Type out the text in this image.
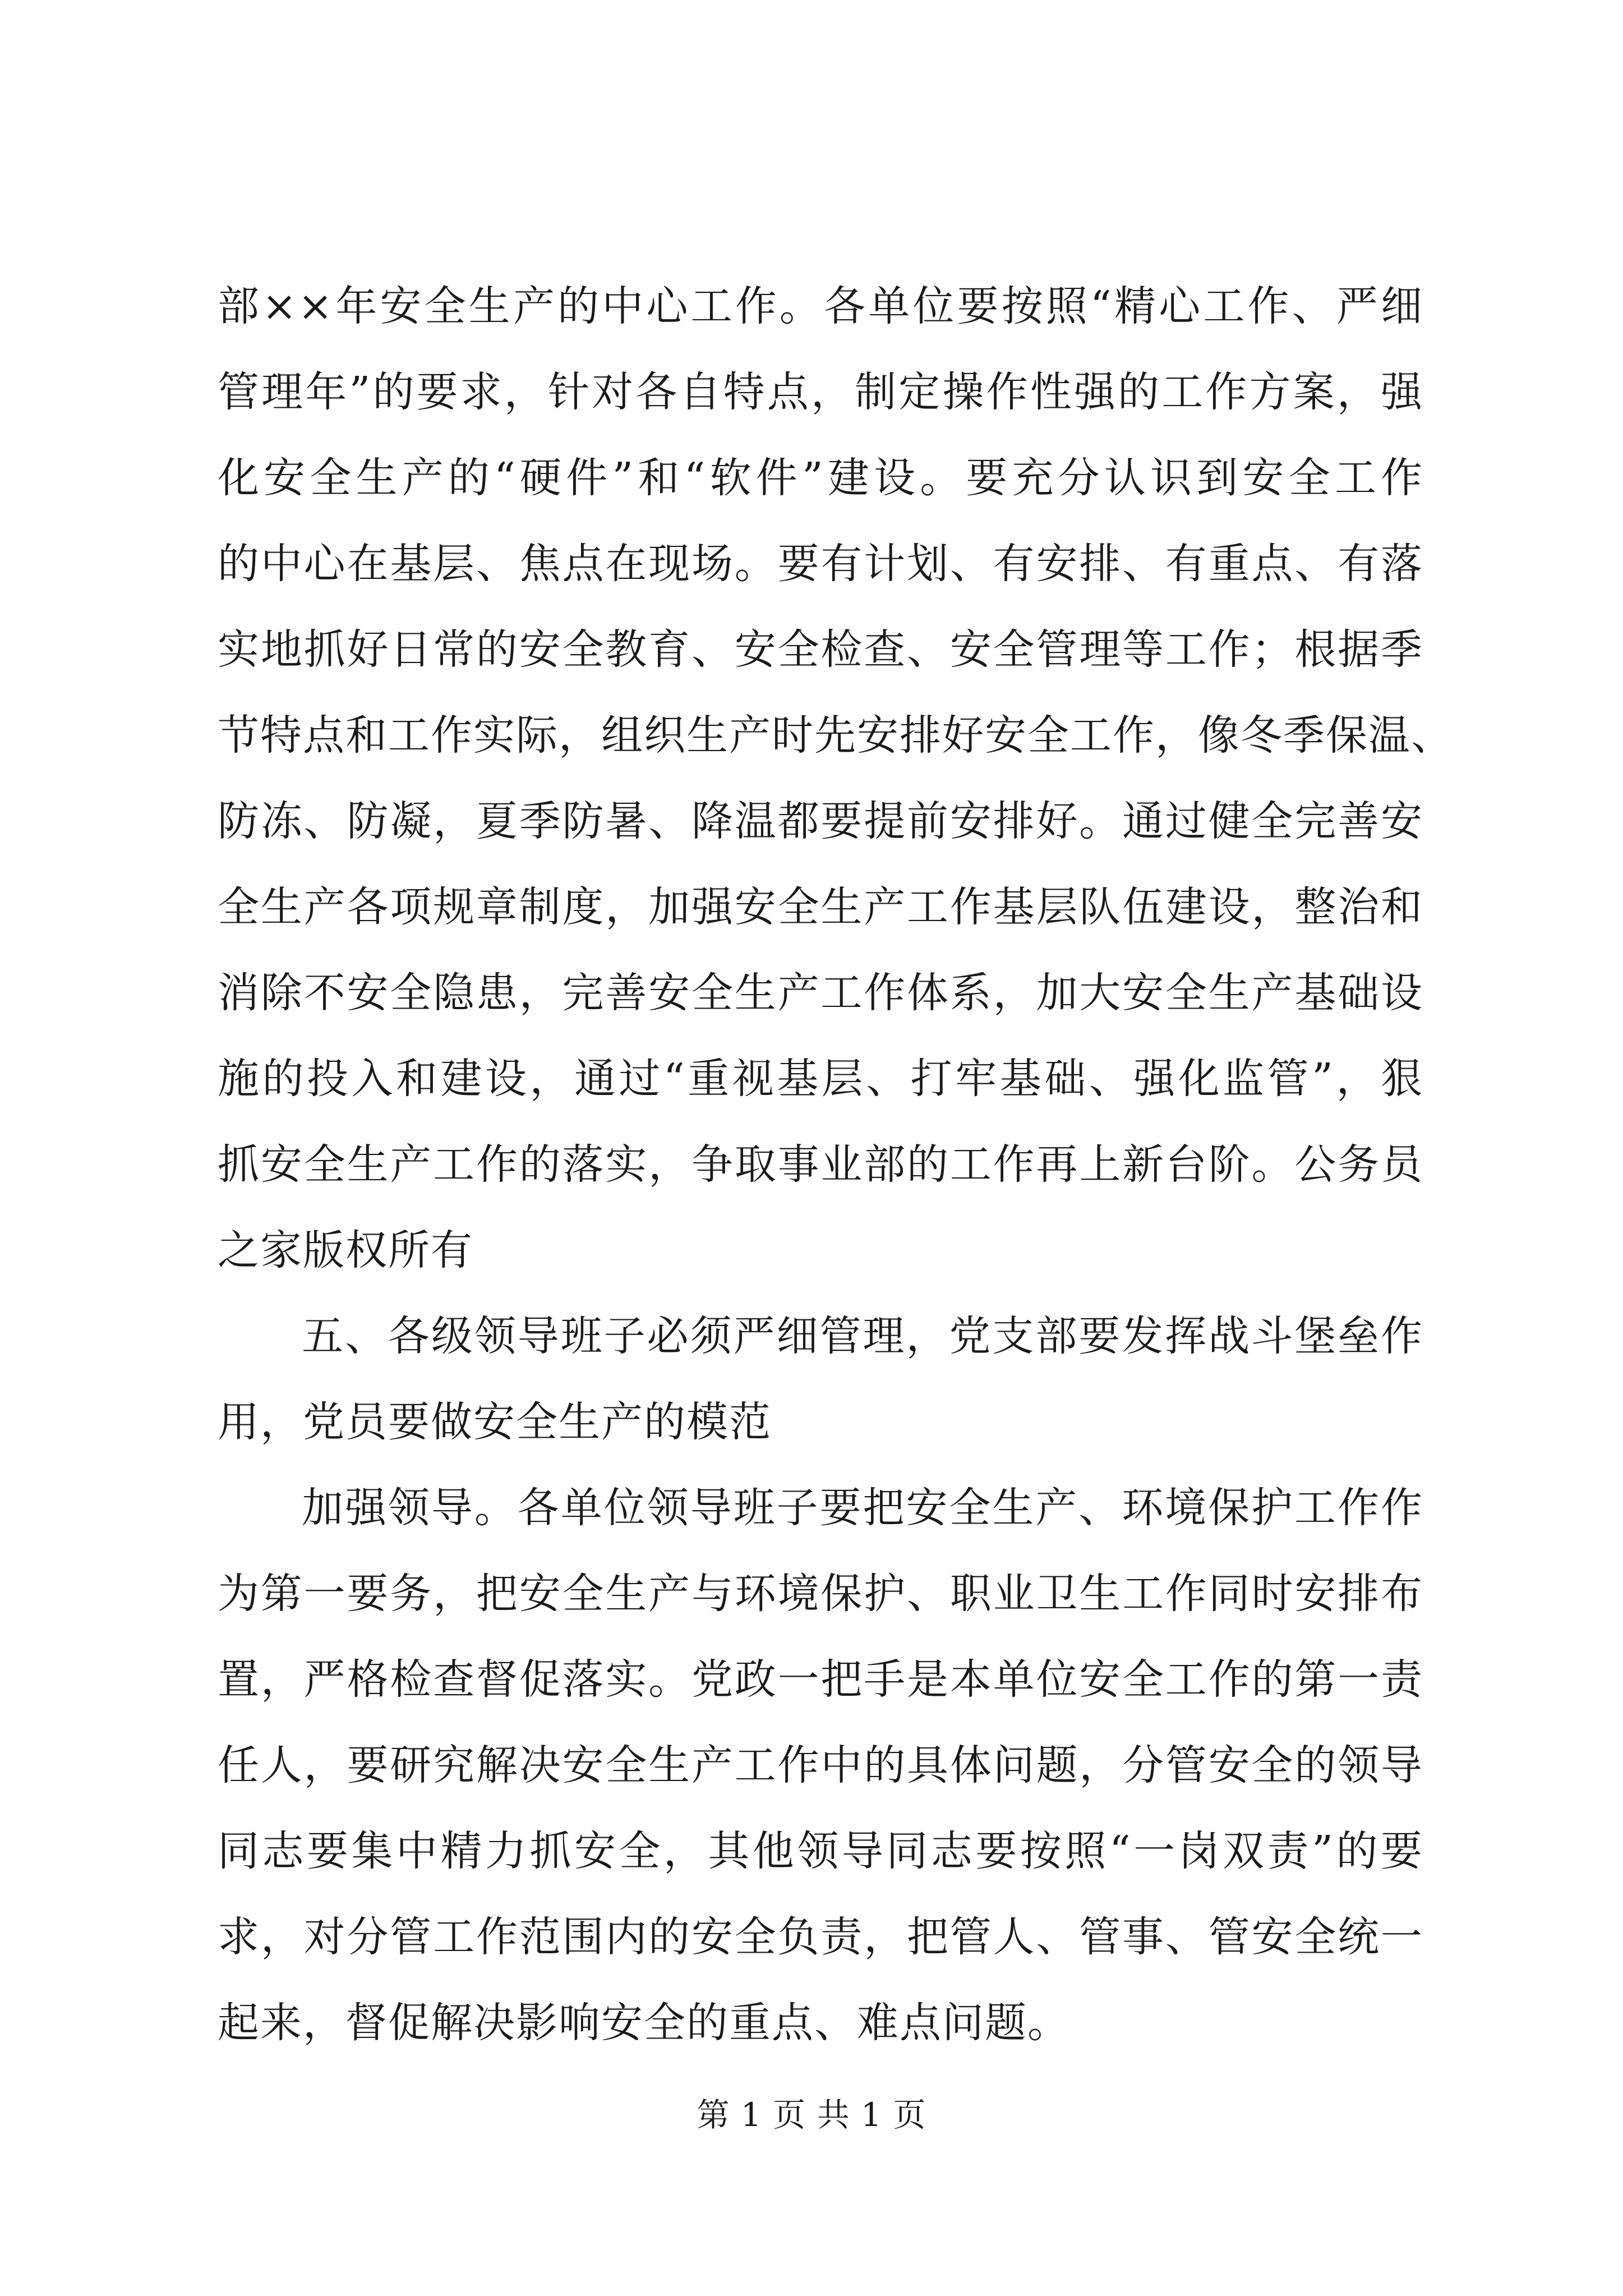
部××年安全生产的中心工作。各单位要按照“精心工作、严细
管理年”的要求，针对各自特点，制定操作性强的工作方案，强
化安全生产的“硬件”和“软件”建设。要充分认识到安全工作
的中心在基层、焦点在现场。要有计划、有安排、有重点、有落
实地抓好日常的安全教育、安全检查、安全管理等工作；根据季
节特点和工作实际，组织生产时先安排好安全工作，像冬季保温、
防冻、防凝，夏季防暑、降温都要提前安排好。通过健全完善安
全生产各项规章制度，加强安全生产工作基层队伍建设，整治和
消除不安全隐患，完善安全生产工作体系，加大安全生产基础设
施的投入和建设，通过“重视基层、打牢基础、强化监管”，狠
抓安全生产工作的落实，争取事业部的工作再上新台阶。公务员
之家版权所有
五、各级领导班子必须严细管理，党支部要发挥战斗堡垒作
用，党员要做安全生产的模范
加强领导。各单位领导班子要把安全生产、环境保护工作作
为第一要务，把安全生产与环境保护、职业卫生工作同时安排布
置，严格检查督促落实。党政一把手是本单位安全工作的第一责
任人，要研究解决安全生产工作中的具体问题，分管安全的领导
同志要集中精力抓安全，其他领导同志要按照“一岗双责”的要
求，对分管工作范围内的安全负责，把管人、管事、管安全统一
起来，督促解决影响安全的重点、难点问题。
第 1 页 共 1 页
